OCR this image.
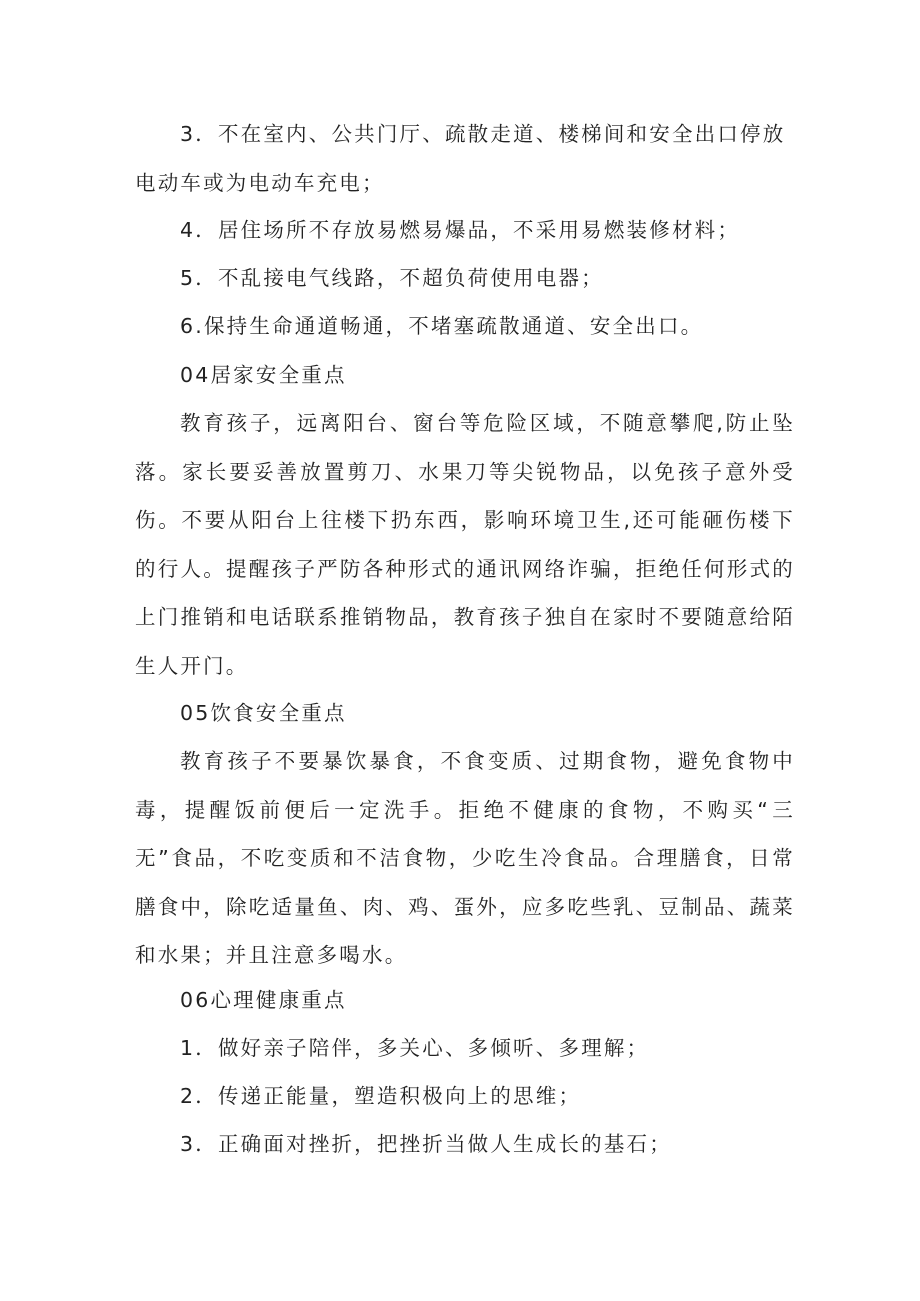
3．不在室内、公共门厅、疏散走道、楼梯间和安全出口停放

电动车或为电动车充电；

4．居住场所不存放易燃易爆品，不采用易燃装修材料；

5．不乱接电气线路，不超负荷使用电器；

6.保持生命通道畅通，不堵塞疏散通道、安全出口。

04居家安全重点

教育孩子，远离阳台、窗台等危险区域，不随意攀爬,防止坠落。家长要妥善放置剪刀、水果刀等尖锐物品，以免孩子意外受伤。不要从阳台上往楼下扔东西，影响环境卫生,还可能砸伤楼下的行人。提醒孩子严防各种形式的通讯网络诈骗，拒绝任何形式的上门推销和电话联系推销物品，教育孩子独自在家时不要随意给陌生人开门。

05饮食安全重点

教育孩子不要暴饮暴食，不食变质、过期食物，避免食物中毒，提醒饭前便后一定洗手。拒绝不健康的食物，不购买“三无”食品，不吃变质和不洁食物，少吃生冷食品。合理膳食，日常膳食中，除吃适量鱼、肉、鸡、蛋外，应多吃些乳、豆制品、蔬菜和水果；并且注意多喝水。

06心理健康重点

1．做好亲子陪伴，多关心、多倾听、多理解；

2．传递正能量，塑造积极向上的思维；

3．正确面对挫折，把挫折当做人生成长的基石；
